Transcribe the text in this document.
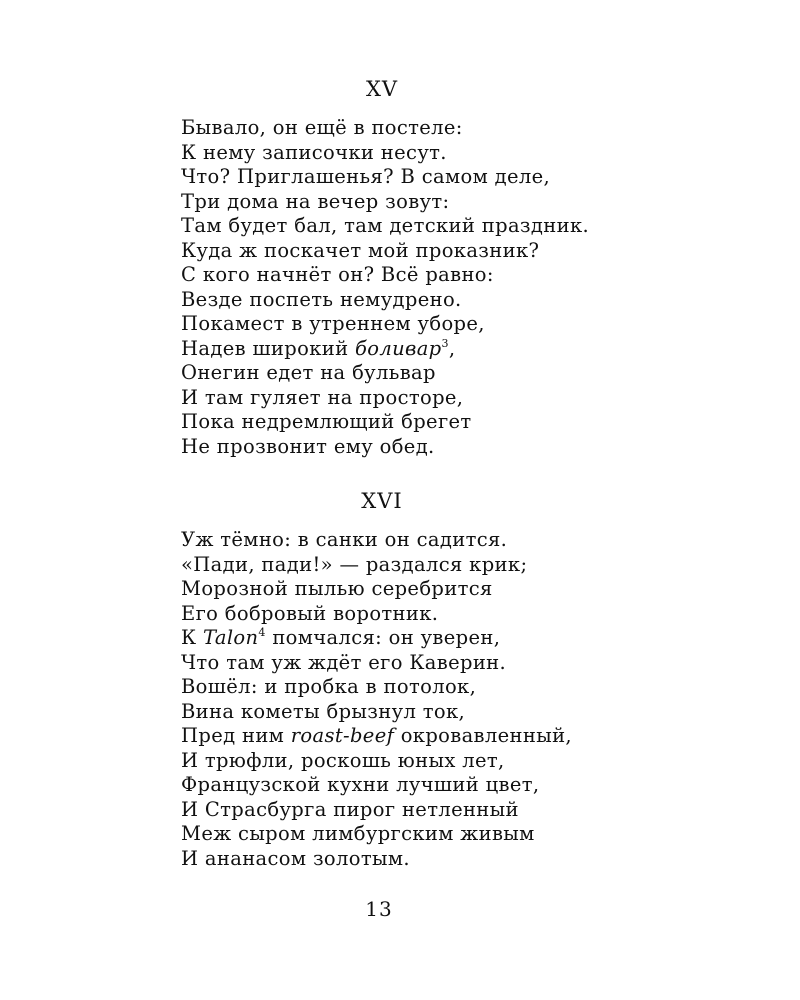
XV
Бывало, он ещё в постеле:
К нему записочки несут.
Что? Приглашенья? В самом деле,
Три дома на вечер зовут:
Там будет бал, там детский праздник.
Куда ж поскачет мой проказник?
С кого начнёт он? Всё равно:
Везде поспеть немудрено.
Покамест в утреннем уборе,
Надев широкий боливар$^3$,
Онегин едет на бульвар
И там гуляет на просторе,
Пока недремлющий брегет
Не прозвонит ему обед.
XVI
Уж тёмно: в санки он садится.
«Пади, пади!» — раздался крик;
Морозной пылью серебрится
Его бобровый воротник.
К Talon$^4$ помчался: он уверен,
Что там уж ждёт его Каверин.
Вошёл: и пробка в потолок,
Вина кометы брызнул ток,
Пред ним roast-beef окровавленный,
И трюфли, роскошь юных лет,
Французской кухни лучший цвет,
И Страсбурга пирог нетленный
Меж сыром лимбургским живым
И ананасом золотым.
13
